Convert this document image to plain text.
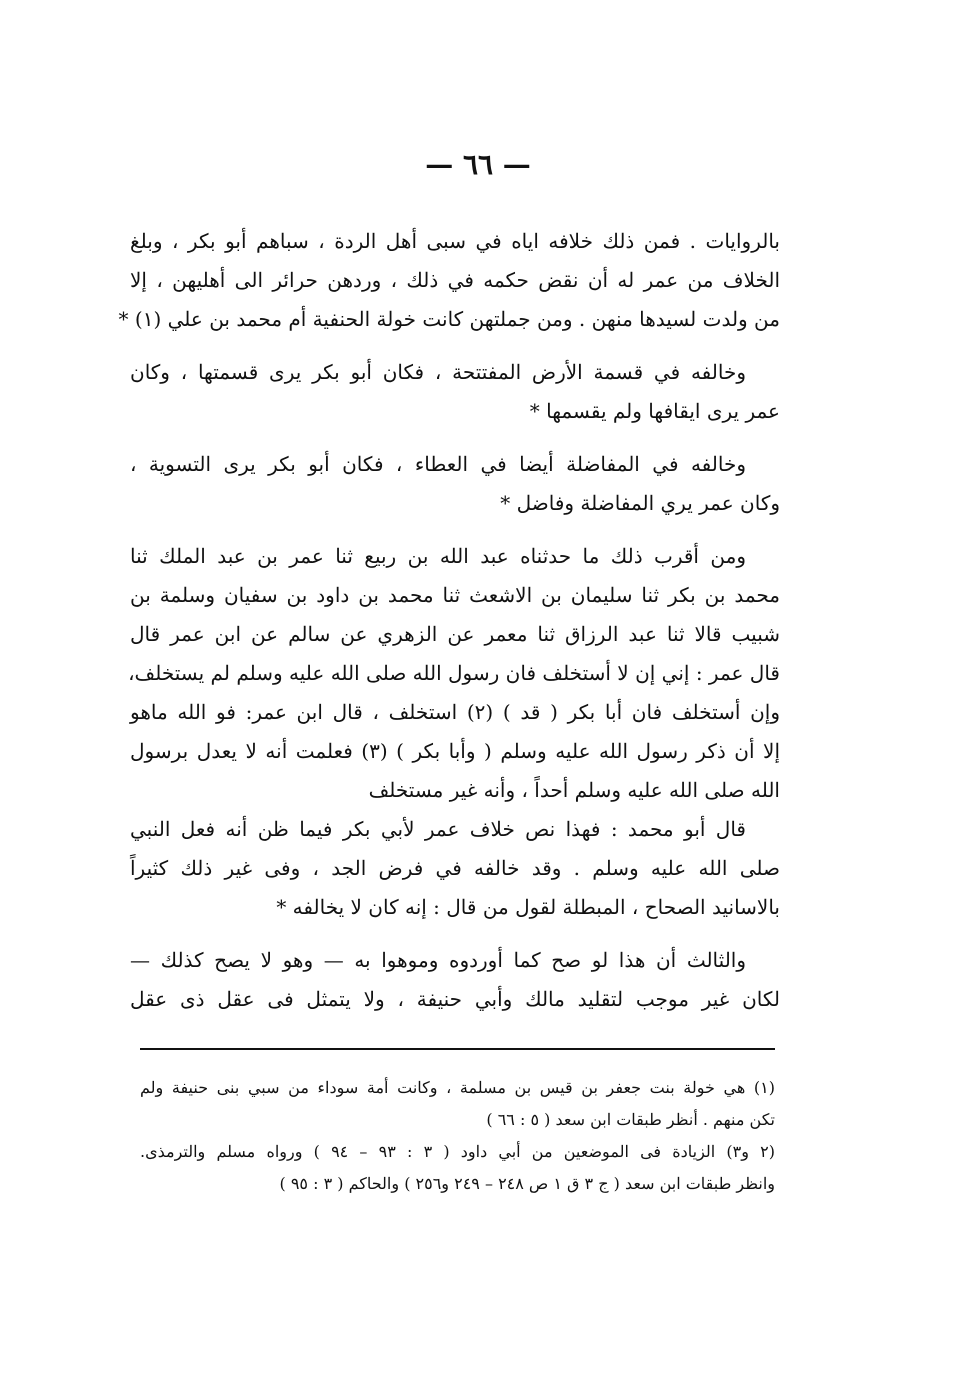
— ٦٦ —
بالروايات . فمن ذلك خلافه اياه في سبى أهل الردة ، سباهم أبو بكر ، وبلغ
الخلاف من عمر له أن نقض حكمه في ذلك ، وردهن حرائر الى أهليهن ، إلا
من ولدت لسيدها منهن . ومن جملتهن كانت خولة الحنفية أم محمد بن علي (١) *
وخالفه في قسمة الأرض المفتتحة ، فكان أبو بكر يرى قسمتها ، وكان
عمر يرى ايقافها ولم يقسمها *
وخالفه في المفاضلة أيضا في العطاء ، فكان أبو بكر يرى التسوية ،
وكان عمر يري المفاضلة وفاضل *
ومن أقرب ذلك ما حدثناه عبد الله بن ربيع ثنا عمر بن عبد الملك ثنا
محمد بن بكر ثنا سليمان بن الاشعث ثنا محمد بن داود بن سفيان وسلمة بن
شبيب قالا ثنا عبد الرزاق ثنا معمر عن الزهري عن سالم عن ابن عمر قال
قال عمر : إني إن لا أستخلف فان رسول الله صلى الله عليه وسلم لم يستخلف،
وإن أستخلف فان أبا بكر ( قد ) (٢) استخلف ، قال ابن عمر: فو الله ماهو
إلا أن ذكر رسول الله عليه وسلم ( وأبا بكر ) (٣) فعلمت أنه لا يعدل برسول
الله صلى الله عليه وسلم أحداً ، وأنه غير مستخلف
قال أبو محمد : فهذا نص خلاف عمر لأبي بكر فيما ظن أنه فعل النبي
صلى الله عليه وسلم . وقد خالفه في فرض الجد ، وفى غير ذلك كثيراً
بالاسانيد الصحاح ، المبطلة لقول من قال : إنه كان لا يخالفه *
والثالث أن هذا لو صح كما أوردوه وموهوا به — وهو لا يصح كذلك —
لكان غير موجب لتقليد مالك وأبي حنيفة ، ولا يتمثل فى عقل ذى عقل
(١) هي خولة بنت جعفر بن قيس بن مسلمة ، وكانت أمة سوداء من سبي بنى حنيفة ولم
تكن منهم . أنظر طبقات ابن سعد ( ٥ : ٦٦ )
(٢ و٣) الزيادة فى الموضعين من أبي داود ( ٣ : ٩٣ – ٩٤ ) ورواه مسلم والترمذى.
وانظر طبقات ابن سعد ( ج ٣ ق ١ ص ٢٤٨ – ٢٤٩ و٢٥٦ ) والحاكم ( ٣ : ٩٥ )
